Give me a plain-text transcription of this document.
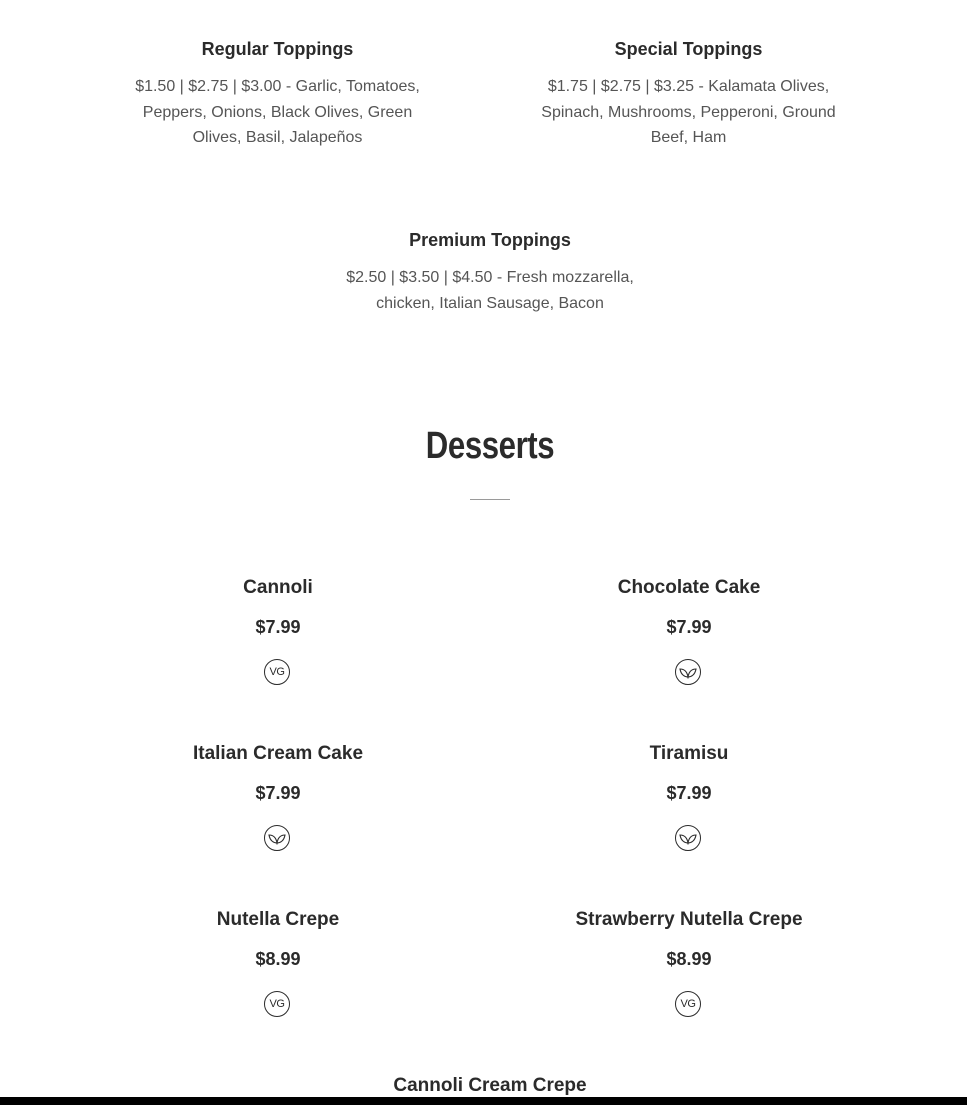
Regular Toppings
$1.50 | $2.75 | $3.00 - Garlic, Tomatoes,
Peppers, Onions, Black Olives, Green
Olives, Basil, Jalapeños
Special Toppings
$1.75 | $2.75 | $3.25 - Kalamata Olives,
Spinach, Mushrooms, Pepperoni, Ground
Beef, Ham
Premium Toppings
$2.50 | $3.50 | $4.50 - Fresh mozzarella,
chicken, Italian Sausage, Bacon
Desserts
Cannoli
$7.99
VG
Chocolate Cake
$7.99
Italian Cream Cake
$7.99
Tiramisu
$7.99
Nutella Crepe
$8.99
VG
Strawberry Nutella Crepe
$8.99
VG
Cannoli Cream Crepe
